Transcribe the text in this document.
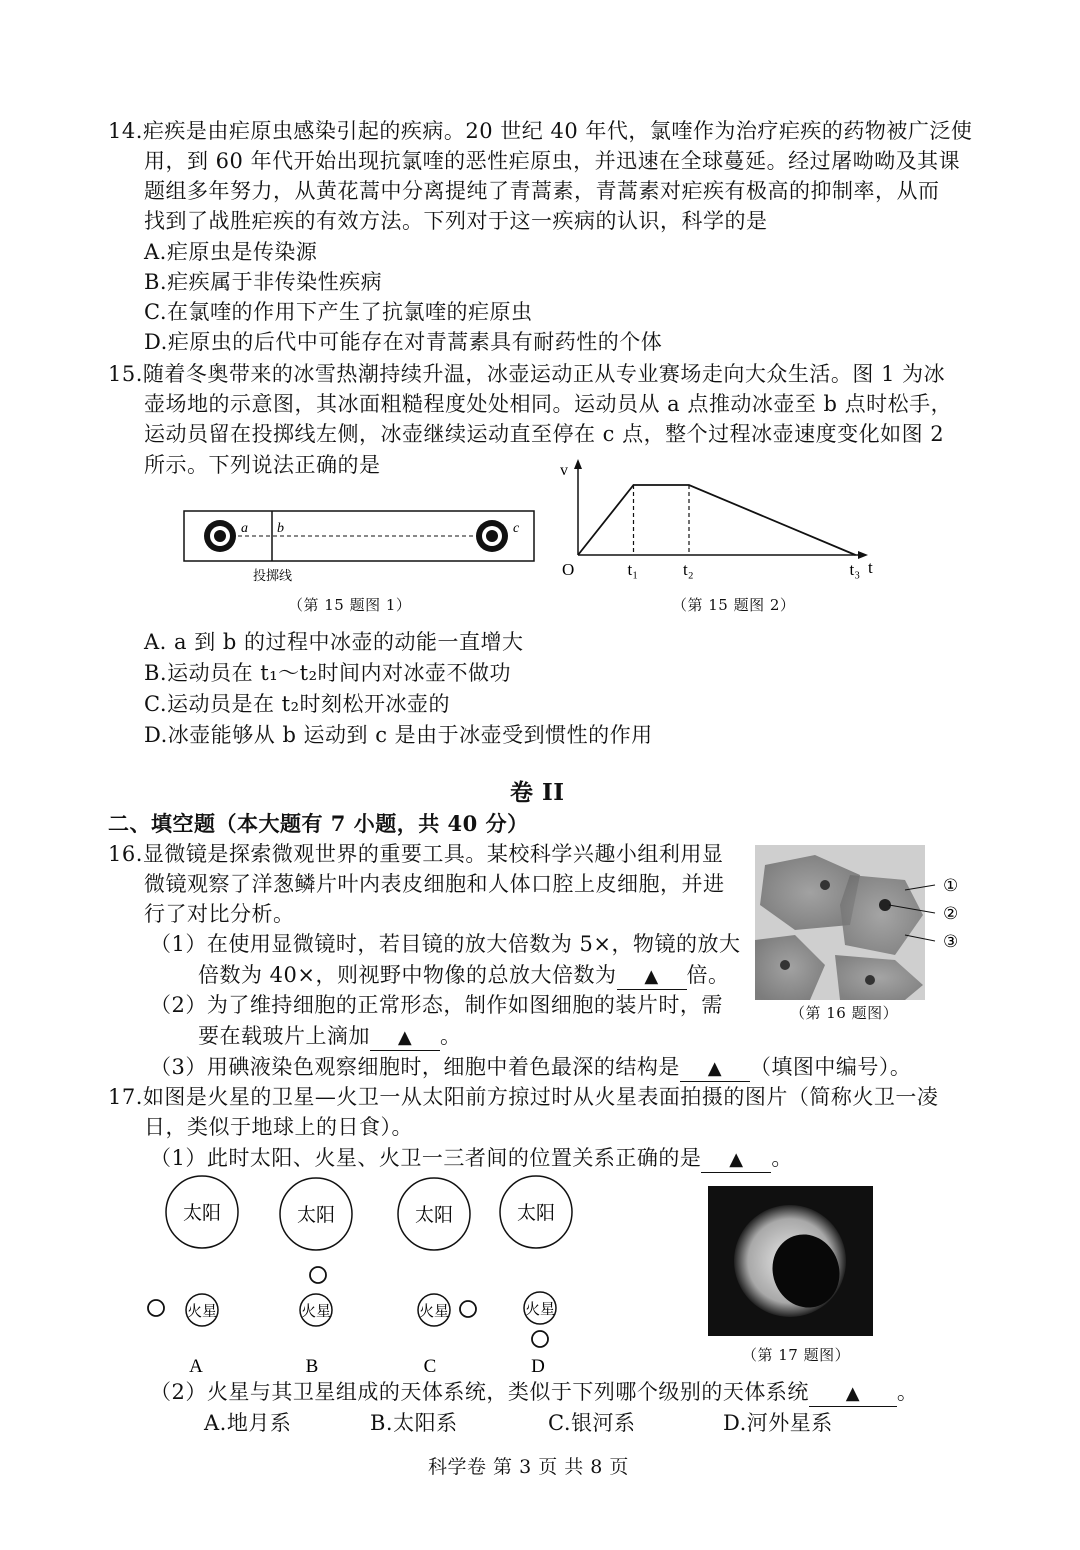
14.疟疾是由疟原虫感染引起的疾病。20 世纪 40 年代，氯喹作为治疗疟疾的药物被广泛使
用，到 60 年代开始出现抗氯喹的恶性疟原虫，并迅速在全球蔓延。经过屠呦呦及其课
题组多年努力，从黄花蒿中分离提纯了青蒿素，青蒿素对疟疾有极高的抑制率，从而
找到了战胜疟疾的有效方法。下列对于这一疾病的认识，科学的是
A.疟原虫是传染源
B.疟疾属于非传染性疾病
C.在氯喹的作用下产生了抗氯喹的疟原虫
D.疟原虫的后代中可能存在对青蒿素具有耐药性的个体
15.随着冬奥带来的冰雪热潮持续升温，冰壶运动正从专业赛场走向大众生活。图 1 为冰
壶场地的示意图，其冰面粗糙程度处处相同。运动员从 a 点推动冰壶至 b 点时松手，
运动员留在投掷线左侧，冰壶继续运动直至停在 c 点，整个过程冰壶速度变化如图 2
所示。下列说法正确的是
a b	c
投掷线
（第 15 题图 1）
v
t
O	t₁	t₂	t₃
（第 15 题图 2）
A. a 到 b 的过程中冰壶的动能一直增大
B.运动员在 t₁～t₂时间内对冰壶不做功
C.运动员是在 t₂时刻松开冰壶的
D.冰壶能够从 b 运动到 c 是由于冰壶受到惯性的作用
卷 II
二、填空题（本大题有 7 小题，共 40 分）
16.显微镜是探索微观世界的重要工具。某校科学兴趣小组利用显
微镜观察了洋葱鳞片叶内表皮细胞和人体口腔上皮细胞，并进
行了对比分析。
（1）在使用显微镜时，若目镜的放大倍数为 5×，物镜的放大
倍数为 40×，则视野中物像的总放大倍数为 ▲ 倍。
（2）为了维持细胞的正常形态，制作如图细胞的装片时，需
要在载玻片上滴加 ▲ 。
（3）用碘液染色观察细胞时，细胞中着色最深的结构是 ▲ （填图中编号）。
①
②
③
（第 16 题图）
17.如图是火星的卫星—火卫一从太阳前方掠过时从火星表面拍摄的图片（简称火卫一凌
日，类似于地球上的日食）。
（1）此时太阳、火星、火卫一三者间的位置关系正确的是 ▲ 。
太阳
火星
A
太阳
火星
B
太阳
火星
C
太阳
火星
D
（第 17 题图）
（2）火星与其卫星组成的天体系统，类似于下列哪个级别的天体系统 ▲ 。
A.地月系	B.太阳系	C.银河系	D.河外星系
科学卷 第 3 页 共 8 页
